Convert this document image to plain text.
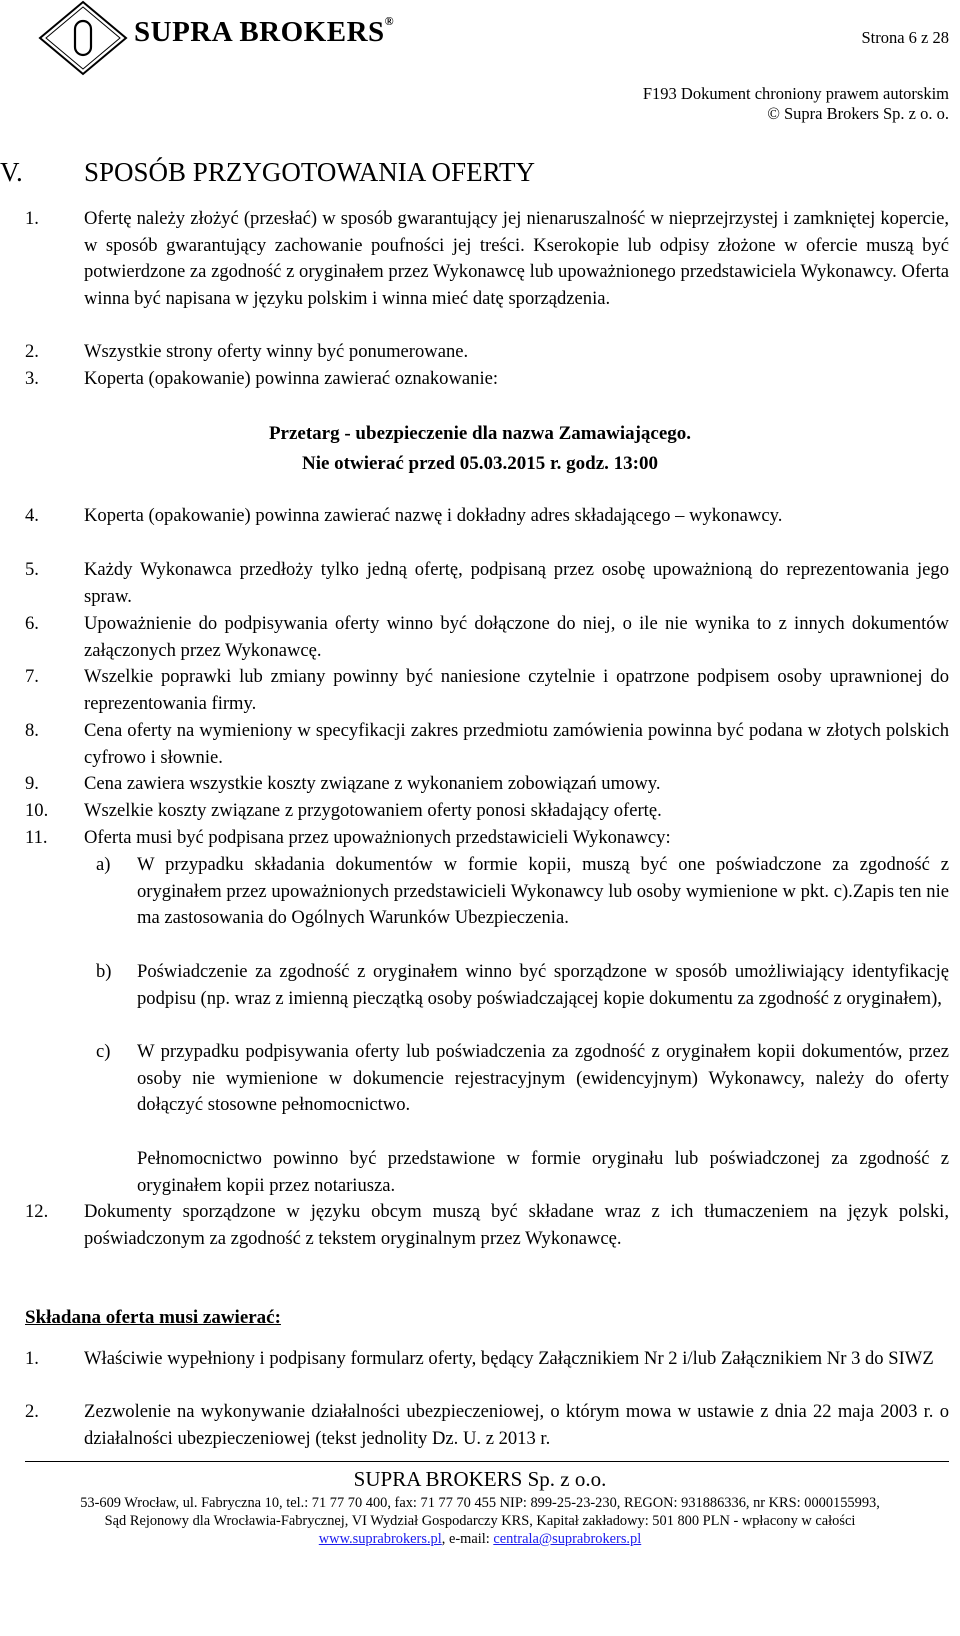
SUPRA BROKERS®
Strona 6 z 28
F193 Dokument chroniony prawem autorskim
© Supra Brokers Sp. z o. o.
V. SPOSÓB PRZYGOTOWANIA OFERTY
1. Ofertę należy złożyć (przesłać) w sposób gwarantujący jej nienaruszalność w nieprzejrzystej i zamkniętej kopercie, w sposób gwarantujący zachowanie poufności jej treści. Kserokopie lub odpisy złożone w ofercie muszą być potwierdzone za zgodność z oryginałem przez Wykonawcę lub upoważnionego przedstawiciela Wykonawcy. Oferta winna być napisana w języku polskim i winna mieć datę sporządzenia.
2. Wszystkie strony oferty winny być ponumerowane.
3. Koperta (opakowanie) powinna zawierać oznakowanie:
Przetarg - ubezpieczenie dla nazwa Zamawiającego.
Nie otwierać przed 05.03.2015 r. godz. 13:00
4. Koperta (opakowanie) powinna zawierać nazwę i dokładny adres składającego – wykonawcy.
5. Każdy Wykonawca przedłoży tylko jedną ofertę, podpisaną przez osobę upoważnioną do reprezentowania jego spraw.
6. Upoważnienie do podpisywania oferty winno być dołączone do niej, o ile nie wynika to z innych dokumentów załączonych przez Wykonawcę.
7. Wszelkie poprawki lub zmiany powinny być naniesione czytelnie i opatrzone podpisem osoby uprawnionej do reprezentowania firmy.
8. Cena oferty na wymieniony w specyfikacji zakres przedmiotu zamówienia powinna być podana w złotych polskich cyfrowo i słownie.
9. Cena zawiera wszystkie koszty związane z wykonaniem zobowiązań umowy.
10. Wszelkie koszty związane z przygotowaniem oferty ponosi składający ofertę.
11. Oferta musi być podpisana przez upoważnionych przedstawicieli Wykonawcy:
a) W przypadku składania dokumentów w formie kopii, muszą być one poświadczone za zgodność z oryginałem przez upoważnionych przedstawicieli Wykonawcy lub osoby wymienione w pkt. c).Zapis ten nie ma zastosowania do Ogólnych Warunków Ubezpieczenia.
b) Poświadczenie za zgodność z oryginałem winno być sporządzone w sposób umożliwiający identyfikację podpisu (np. wraz z imienną pieczątką osoby poświadczającej kopie dokumentu za zgodność z oryginałem),
c) W przypadku podpisywania oferty lub poświadczenia za zgodność z oryginałem kopii dokumentów, przez osoby nie wymienione w dokumencie rejestracyjnym (ewidencyjnym) Wykonawcy, należy do oferty dołączyć stosowne pełnomocnictwo.
Pełnomocnictwo powinno być przedstawione w formie oryginału lub poświadczonej za zgodność z oryginałem kopii przez notariusza.
12. Dokumenty sporządzone w języku obcym muszą być składane wraz z ich tłumaczeniem na język polski, poświadczonym za zgodność z tekstem oryginalnym przez Wykonawcę.
Składana oferta musi zawierać:
1. Właściwie wypełniony i podpisany formularz oferty, będący Załącznikiem Nr 2 i/lub Załącznikiem Nr 3 do SIWZ
2. Zezwolenie na wykonywanie działalności ubezpieczeniowej, o którym mowa w ustawie z dnia 22 maja 2003 r. o działalności ubezpieczeniowej (tekst jednolity Dz. U. z 2013 r.
SUPRA BROKERS Sp. z o.o.
53-609 Wrocław, ul. Fabryczna 10, tel.: 71 77 70 400, fax: 71 77 70 455 NIP: 899-25-23-230, REGON: 931886336, nr KRS: 0000155993,
Sąd Rejonowy dla Wrocławia-Fabrycznej, VI Wydział Gospodarczy KRS, Kapitał zakładowy: 501 800 PLN - wpłacony w całości
www.suprabrokers.pl, e-mail: centrala@suprabrokers.pl
